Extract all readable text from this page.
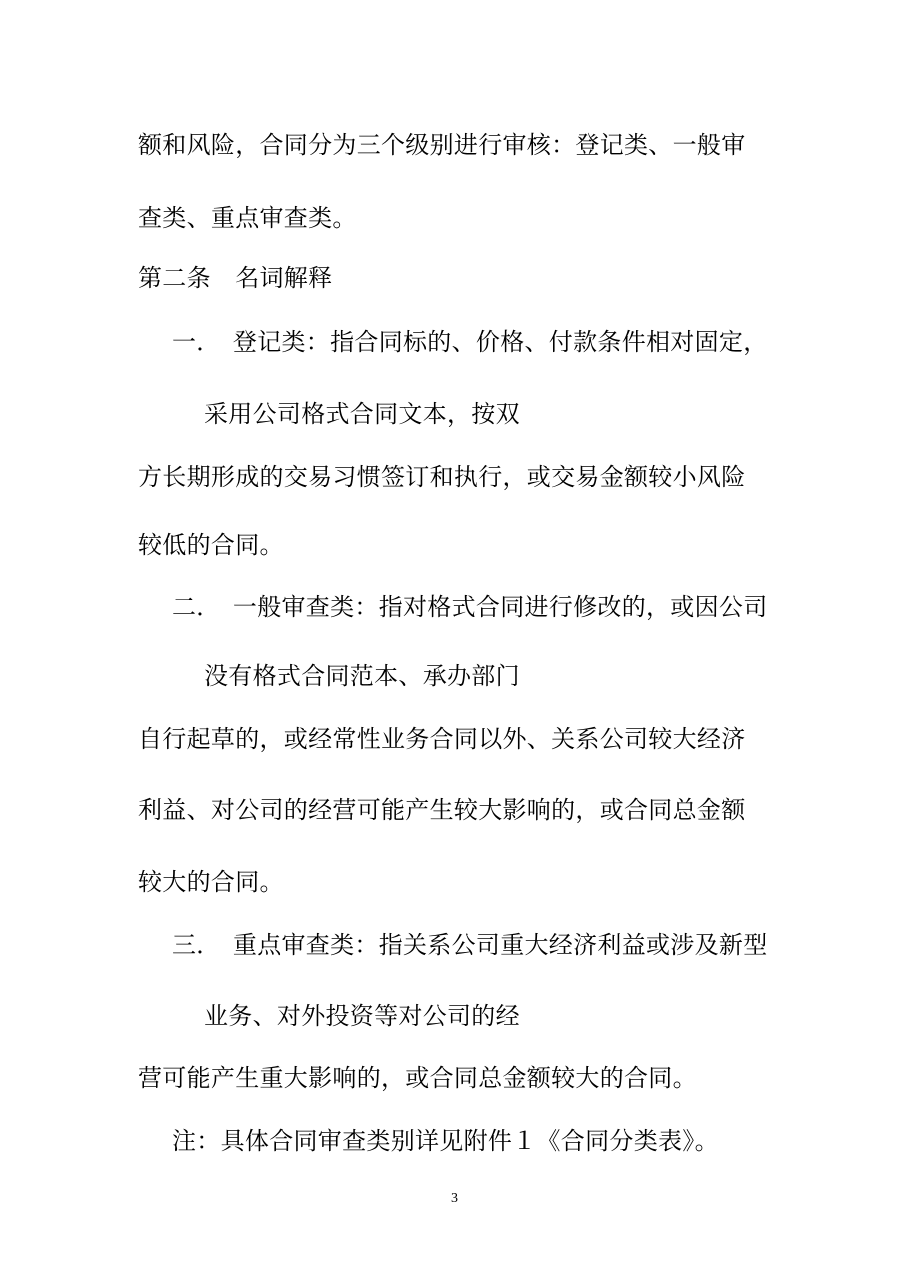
额和风险，合同分为三个级别进行审核：登记类、一般审
查类、重点审查类。
第二条　名词解释
一．　登记类：指合同标的、价格、付款条件相对固定，
采用公司格式合同文本，按双
方长期形成的交易习惯签订和执行，或交易金额较小风险
较低的合同。
二．　一般审查类：指对格式合同进行修改的，或因公司
没有格式合同范本、承办部门
自行起草的，或经常性业务合同以外、关系公司较大经济
利益、对公司的经营可能产生较大影响的，或合同总金额
较大的合同。
三．　重点审查类：指关系公司重大经济利益或涉及新型
业务、对外投资等对公司的经
营可能产生重大影响的，或合同总金额较大的合同。
注：具体合同审查类别详见附件１《合同分类表》。
3
